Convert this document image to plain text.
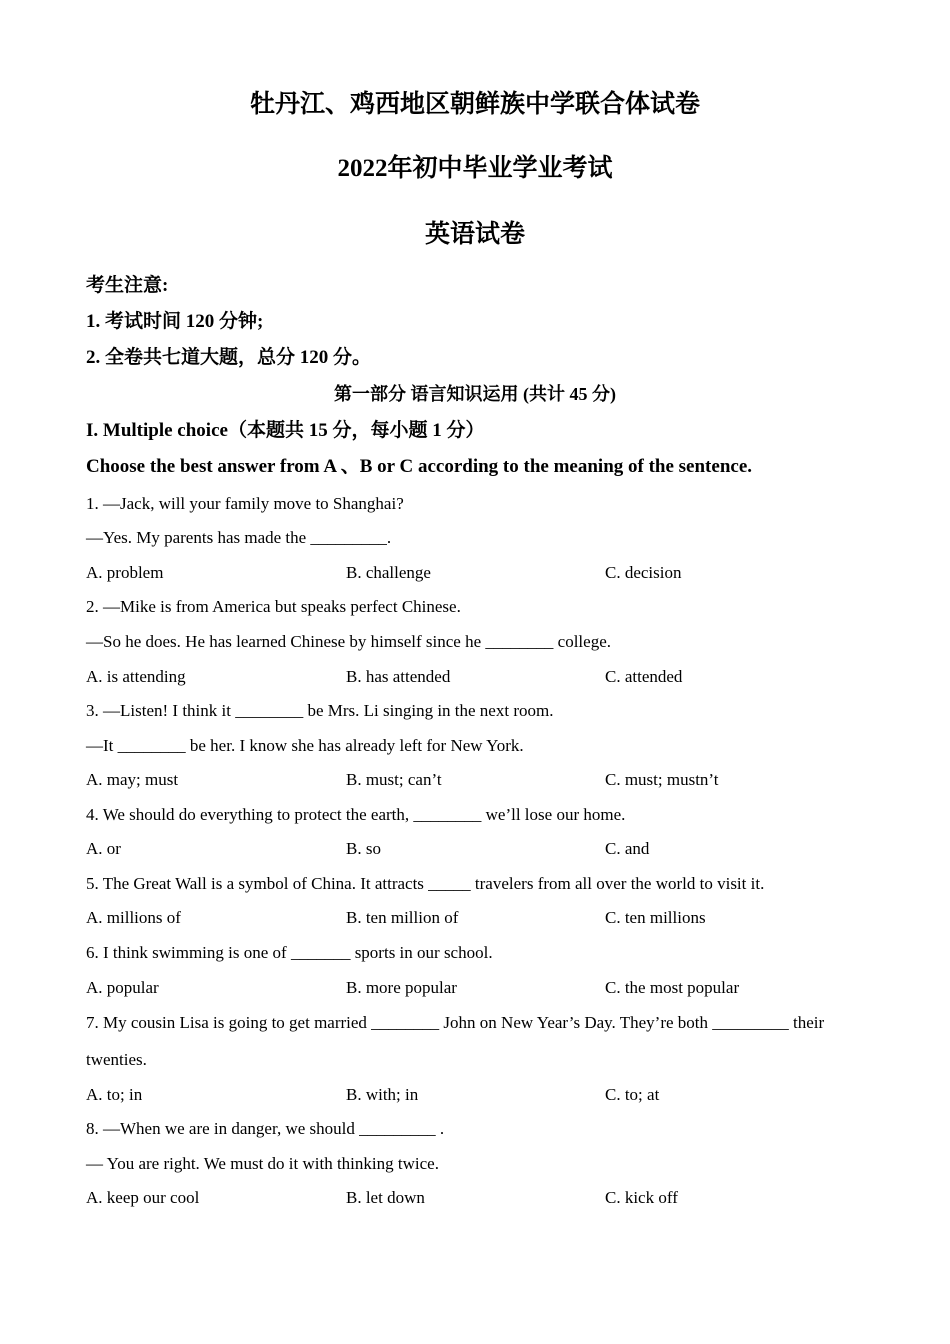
牡丹江、鸡西地区朝鲜族中学联合体试卷
2022年初中毕业学业考试
英语试卷
考生注意:
1. 考试时间 120 分钟;
2. 全卷共七道大题，总分 120 分。
第一部分 语言知识运用 (共计 45 分)
I. Multiple choice（本题共 15 分，每小题 1 分）
Choose the best answer from A 、B or C according to the meaning of the sentence.
1. —Jack, will your family move to Shanghai?
—Yes. My parents has made the _________.
A. problem	B. challenge	C. decision
2. —Mike is from America but speaks perfect Chinese.
—So he does. He has learned Chinese by himself since he ________ college.
A. is attending	B. has attended	C. attended
3. —Listen! I think it ________ be Mrs. Li singing in the next room.
—It ________ be her. I know she has already left for New York.
A. may; must	B. must; can’t	C. must; mustn’t
4. We should do everything to protect the earth, ________ we’ll lose our home.
A. or	B. so	C. and
5. The Great Wall is a symbol of China. It attracts _____ travelers from all over the world to visit it.
A. millions of	B. ten million of	C. ten millions
6. I think swimming is one of _______ sports in our school.
A. popular	B. more popular	C. the most popular
7. My cousin Lisa is going to get married ________ John on New Year’s Day. They’re both _________ their
twenties.
A. to; in	B. with; in	C. to; at
8. —When we are in danger, we should _________ .
— You are right. We must do it with thinking twice.
A. keep our cool	B. let down	C. kick off
